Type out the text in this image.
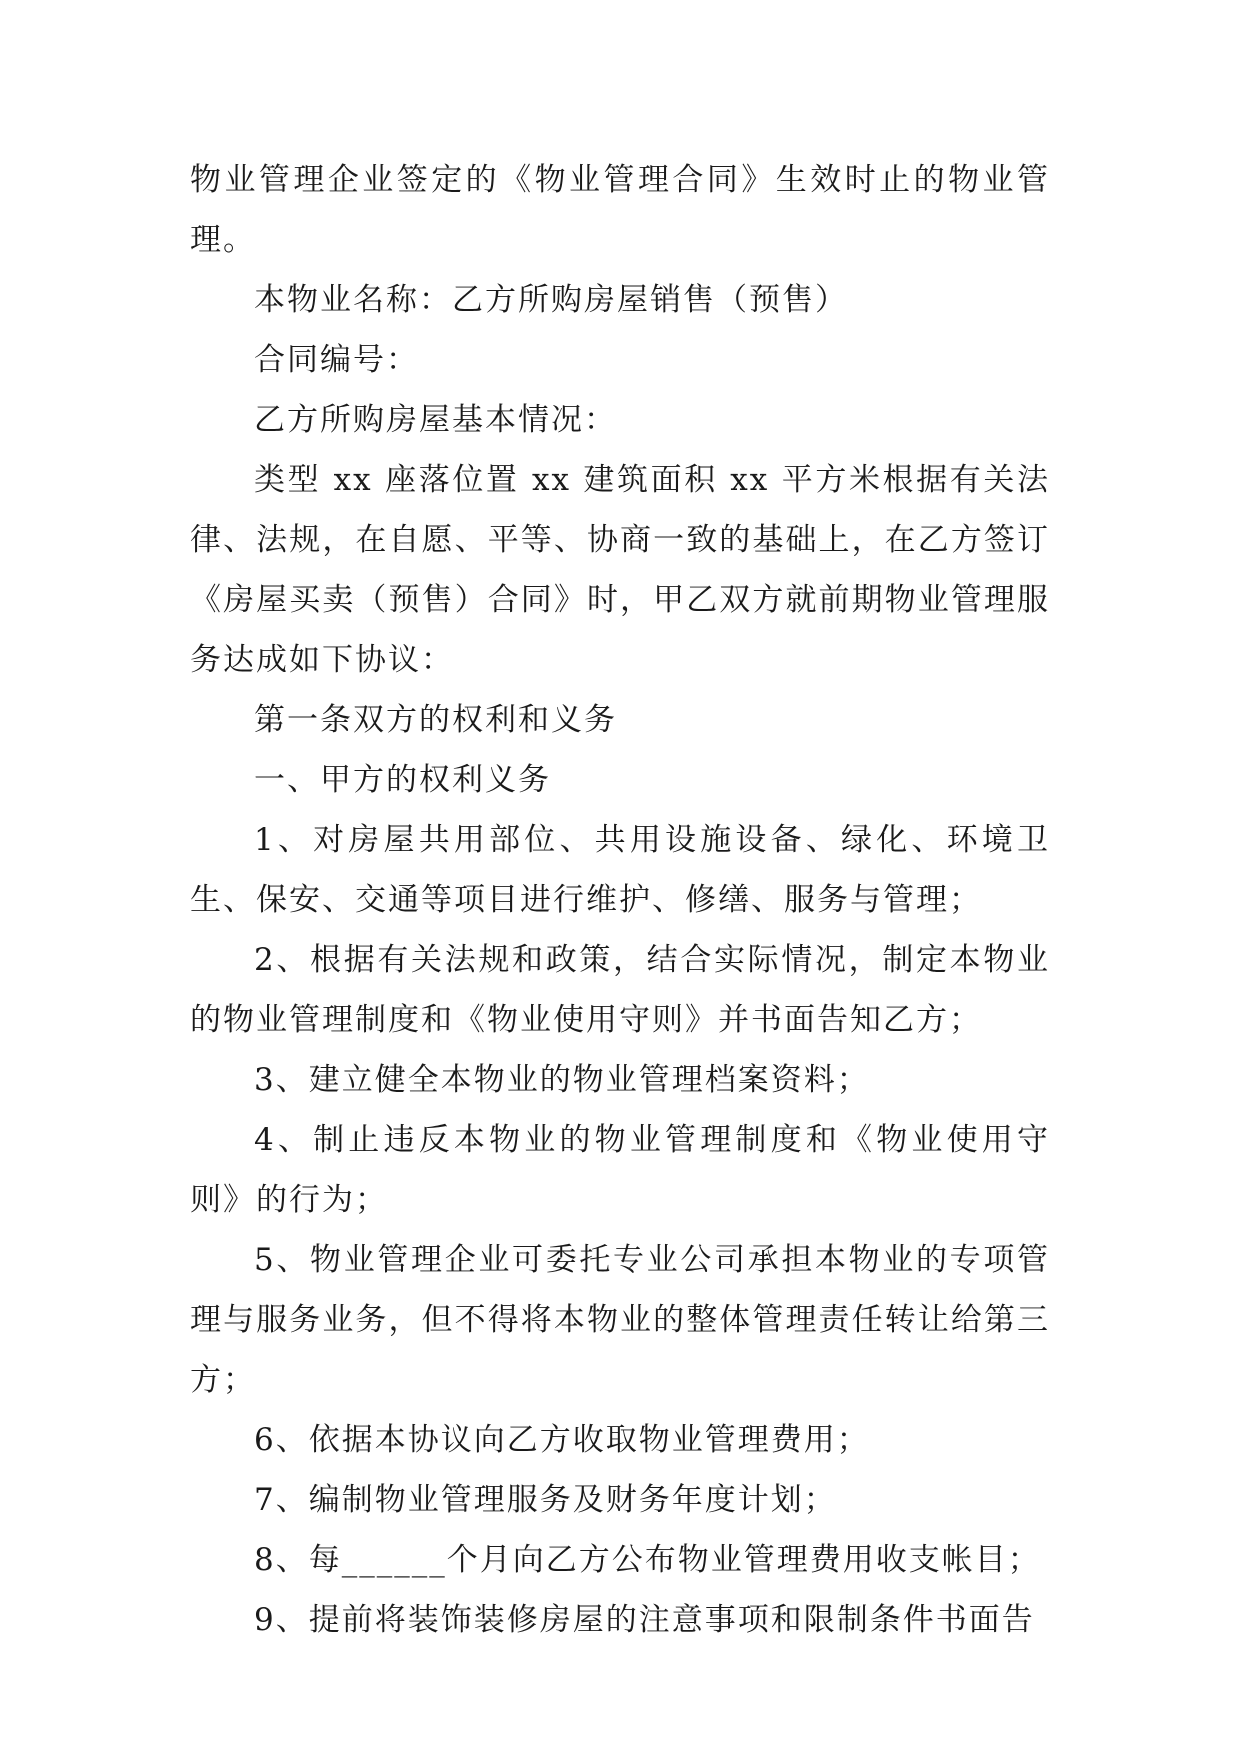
物业管理企业签定的《物业管理合同》生效时止的物业管理。

本物业名称：乙方所购房屋销售（预售）

合同编号：

乙方所购房屋基本情况：

类型 xx 座落位置 xx 建筑面积 xx 平方米根据有关法律、法规，在自愿、平等、协商一致的基础上，在乙方签订《房屋买卖（预售）合同》时，甲乙双方就前期物业管理服务达成如下协议：

第一条双方的权利和义务

一、甲方的权利义务

1、对房屋共用部位、共用设施设备、绿化、环境卫生、保安、交通等项目进行维护、修缮、服务与管理；

2、根据有关法规和政策，结合实际情况，制定本物业的物业管理制度和《物业使用守则》并书面告知乙方；

3、建立健全本物业的物业管理档案资料；

4、制止违反本物业的物业管理制度和《物业使用守则》的行为；

5、物业管理企业可委托专业公司承担本物业的专项管理与服务业务，但不得将本物业的整体管理责任转让给第三方；

6、依据本协议向乙方收取物业管理费用；

7、编制物业管理服务及财务年度计划；

8、每______个月向乙方公布物业管理费用收支帐目；

9、提前将装饰装修房屋的注意事项和限制条件书面告
